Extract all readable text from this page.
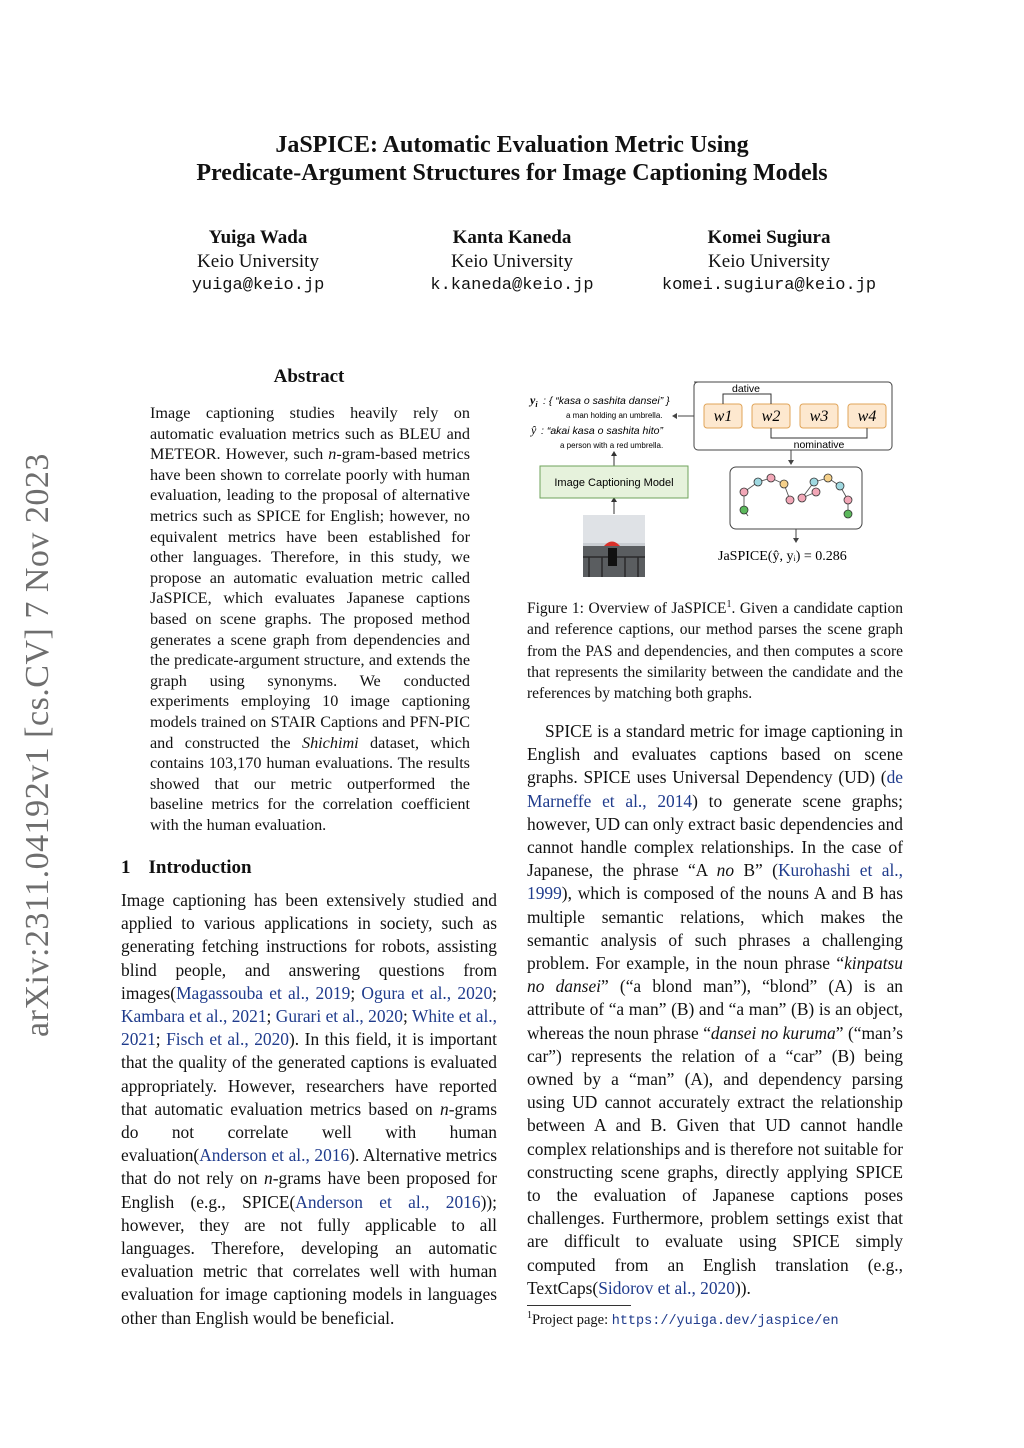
JaSPICE: Automatic Evaluation Metric Using
Predicate-Argument Structures for Image Captioning Models
Yuiga Wada
Keio University
yuiga@keio.jp
Kanta Kaneda
Keio University
k.kaneda@keio.jp
Komei Sugiura
Keio University
komei.sugiura@keio.jp
arXiv:2311.04192v1 [cs.CV] 7 Nov 2023
Abstract
Image captioning studies heavily rely on automatic evaluation metrics such as BLEU and METEOR. However, such n-gram-based metrics have been shown to correlate poorly with human evaluation, leading to the proposal of alternative metrics such as SPICE for English; however, no equivalent metrics have been established for other languages. Therefore, in this study, we propose an automatic evaluation metric called JaSPICE, which evaluates Japanese captions based on scene graphs. The proposed method generates a scene graph from dependencies and the predicate-argument structure, and extends the graph using synonyms. We conducted experiments employing 10 image captioning models trained on STAIR Captions and PFN-PIC and constructed the Shichimi dataset, which contains 103,170 human evaluations. The results showed that our metric outperformed the baseline metrics for the correlation coefficient with the human evaluation.
1 Introduction
Image captioning has been extensively studied and applied to various applications in society, such as generating fetching instructions for robots, assisting blind people, and answering questions from images(Magassouba et al., 2019; Ogura et al., 2020; Kambara et al., 2021; Gurari et al., 2020; White et al., 2021; Fisch et al., 2020). In this field, it is important that the quality of the generated captions is evaluated appropriately. However, researchers have reported that automatic evaluation metrics based on n-grams do not correlate well with human evaluation(Anderson et al., 2016). Alternative metrics that do not rely on n-grams have been proposed for English (e.g., SPICE(Anderson et al., 2016)); however, they are not fully applicable to all languages. Therefore, developing an automatic evaluation metric that correlates well with human evaluation for image captioning models in languages other than English would be beneficial.
$y_i$ : { “kasa o sashita dansei” }
a man holding an umbrella.
ŷ : “akai kasa o sashita hito”
a person with a red umbrella.
Image Captioning Model
w1 w2 w3 w4
dative
nominative
JaSPICE(ŷ, yᵢ) = 0.286
Figure 1: Overview of JaSPICE$^1$. Given a candidate caption and reference captions, our method parses the scene graph from the PAS and dependencies, and then computes a score that represents the similarity between the candidate and the references by matching both graphs.
SPICE is a standard metric for image captioning in English and evaluates captions based on scene graphs. SPICE uses Universal Dependency (UD) (de Marneffe et al., 2014) to generate scene graphs; however, UD can only extract basic dependencies and cannot handle complex relationships. In the case of Japanese, the phrase “A no B” (Kurohashi et al., 1999), which is composed of the nouns A and B has multiple semantic relations, which makes the semantic analysis of such phrases a challenging problem. For example, in the noun phrase “kinpatsu no dansei” (“a blond man”), “blond” (A) is an attribute of “a man” (B) and “a man” (B) is an object, whereas the noun phrase “dansei no kuruma” (“man’s car”) represents the relation of a “car” (B) being owned by a “man” (A), and dependency parsing using UD cannot accurately extract the relationship between A and B. Given that UD cannot handle complex relationships and is therefore not suitable for constructing scene graphs, directly applying SPICE to the evaluation of Japanese captions poses challenges. Furthermore, problem settings exist that are difficult to evaluate using SPICE simply computed from an English translation (e.g., TextCaps(Sidorov et al., 2020)).
$^1$Project page: https://yuiga.dev/jaspice/en
